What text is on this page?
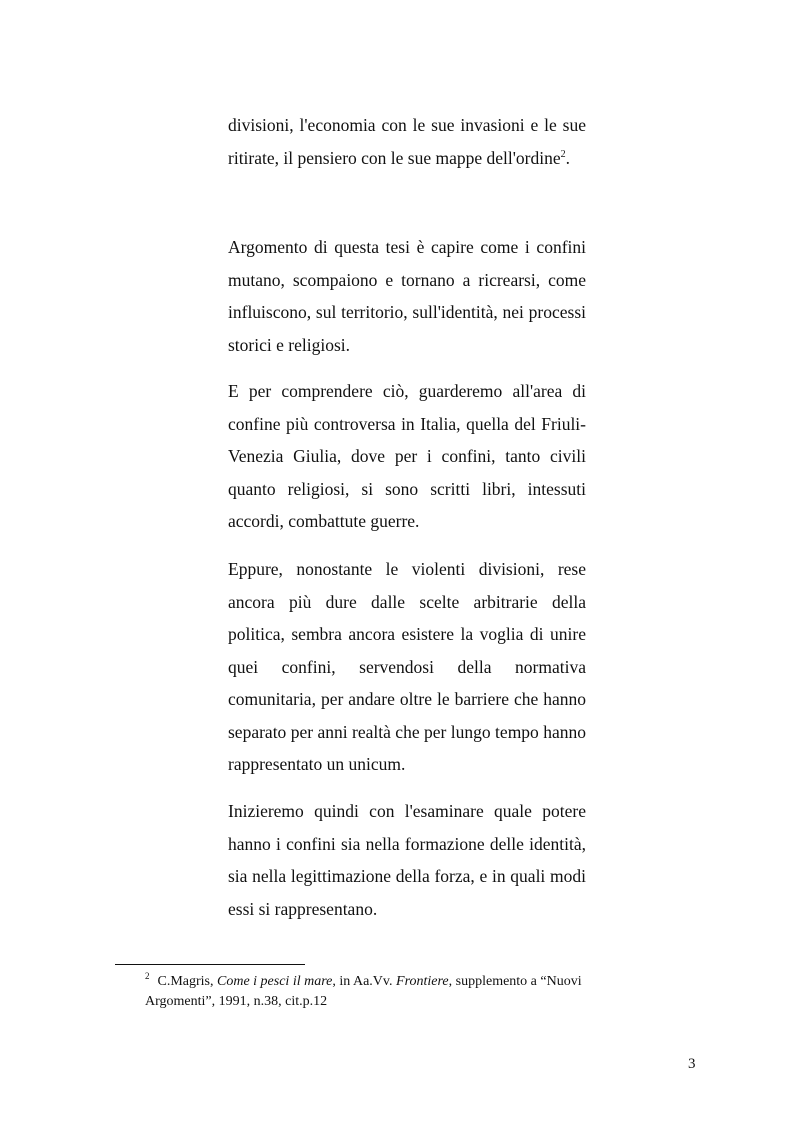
divisioni, l'economia con le sue invasioni e le sue ritirate, il pensiero con le sue mappe dell'ordine$^2$.

Argomento di questa tesi è capire come i confini mutano, scompaiono e tornano a ricrearsi, come influiscono, sul territorio, sull'identità, nei processi storici e religiosi.

E per comprendere ciò, guarderemo all'area di confine più controversa in Italia, quella del Friuli-Venezia Giulia, dove per i confini, tanto civili quanto religiosi, si sono scritti libri, intessuti accordi, combattute guerre.

Eppure, nonostante le violenti divisioni, rese ancora più dure dalle scelte arbitrarie della politica, sembra ancora esistere la voglia di unire quei confini, servendosi della normativa comunitaria, per andare oltre le barriere che hanno separato per anni realtà che per lungo tempo hanno rappresentato un unicum.

Inizieremo quindi con l'esaminare quale potere hanno i confini sia nella formazione delle identità, sia nella legittimazione della forza, e in quali modi essi si rappresentano.

$^2$ C.Magris, Come i pesci il mare, in Aa.Vv. Frontiere, supplemento a “Nuovi Argomenti”, 1991, n.38, cit.p.12

3
